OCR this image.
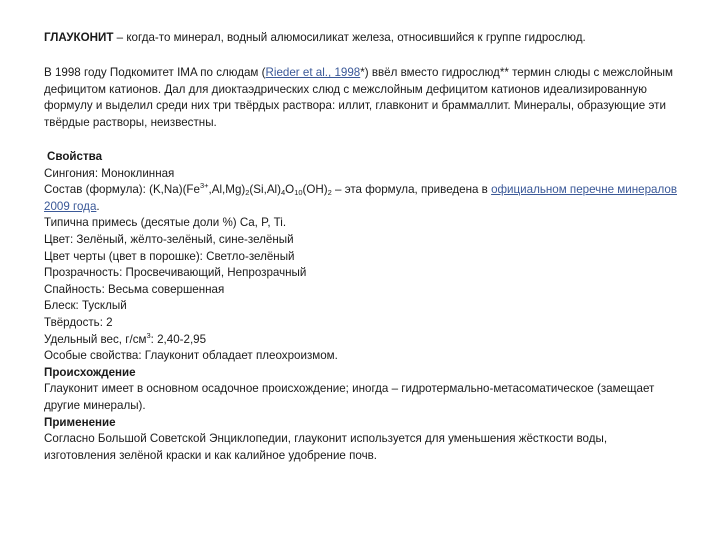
ГЛАУКОНИТ – когда-то минерал, водный алюмосиликат железа, относившийся к группе гидрослюд.

В 1998 году Подкомитет IMA по слюдам (Rieder et al., 1998*) ввёл вместо гидрослюд** термин слюды с межслойным дефицитом катионов. Дал для диоктаэдрических слюд с межслойным дефицитом катионов идеализированную формулу и выделил среди них три твёрдых раствора: иллит, главконит и браммаллит. Минералы, образующие эти твёрдые растворы, неизвестны.

Свойства

Сингония: Моноклинная

Состав (формула): $(K,Na)(Fe^{3+},Al,Mg)_2(Si,Al)_4O_{10}(OH)_2$ – эта формула, приведена в официальном перечне минералов 2009 года.

Типична примесь (десятые доли %) Ca, P, Ti.

Цвет: Зелёный, жёлто-зелёный, сине-зелёный

Цвет черты (цвет в порошке): Светло-зелёный

Прозрачность: Просвечивающий, Непрозрачный

Спайность: Весьма совершенная

Блеск: Тусклый

Твёрдость: 2

Удельный вес, $г/см^3$: 2,40-2,95

Особые свойства: Глауконит обладает плеохроизмом.

Происхождение

Глауконит имеет в основном осадочное происхождение; иногда – гидротермально-метасоматическое (замещает другие минералы).

Применение

Согласно Большой Советской Энциклопедии, глауконит используется для уменьшения жёсткости воды, изготовления зелёной краски и как калийное удобрение почв.
